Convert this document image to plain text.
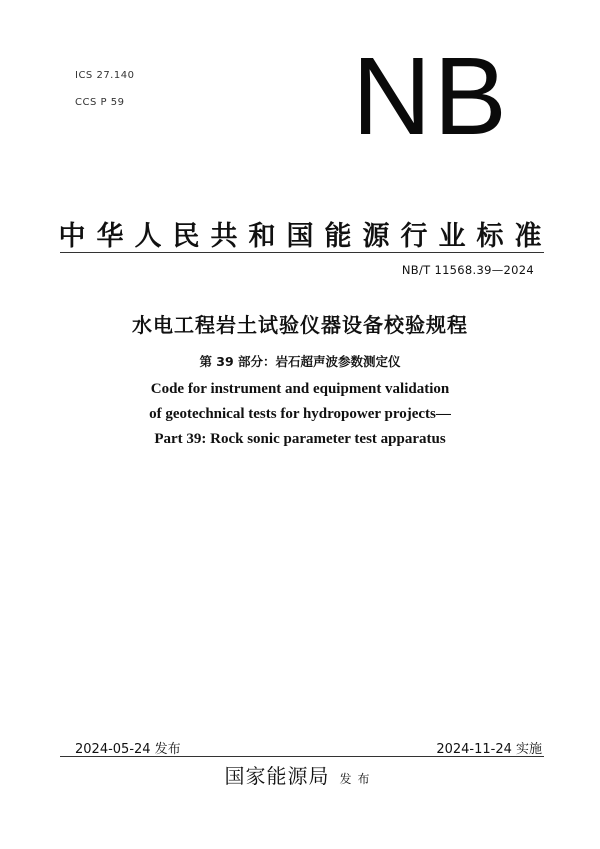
ICS 27.140
CCS P 59 NB
中华人民共和国能源行业标准
NB/T 11568.39—2024
水电工程岩土试验仪器设备校验规程
第 39 部分：岩石超声波参数测定仪
Code for instrument and equipment validation
of geotechnical tests for hydropower projects—
Part 39: Rock sonic parameter test apparatus
2024-05-24 发布	2024-11-24 实施
国家能源局 发布
